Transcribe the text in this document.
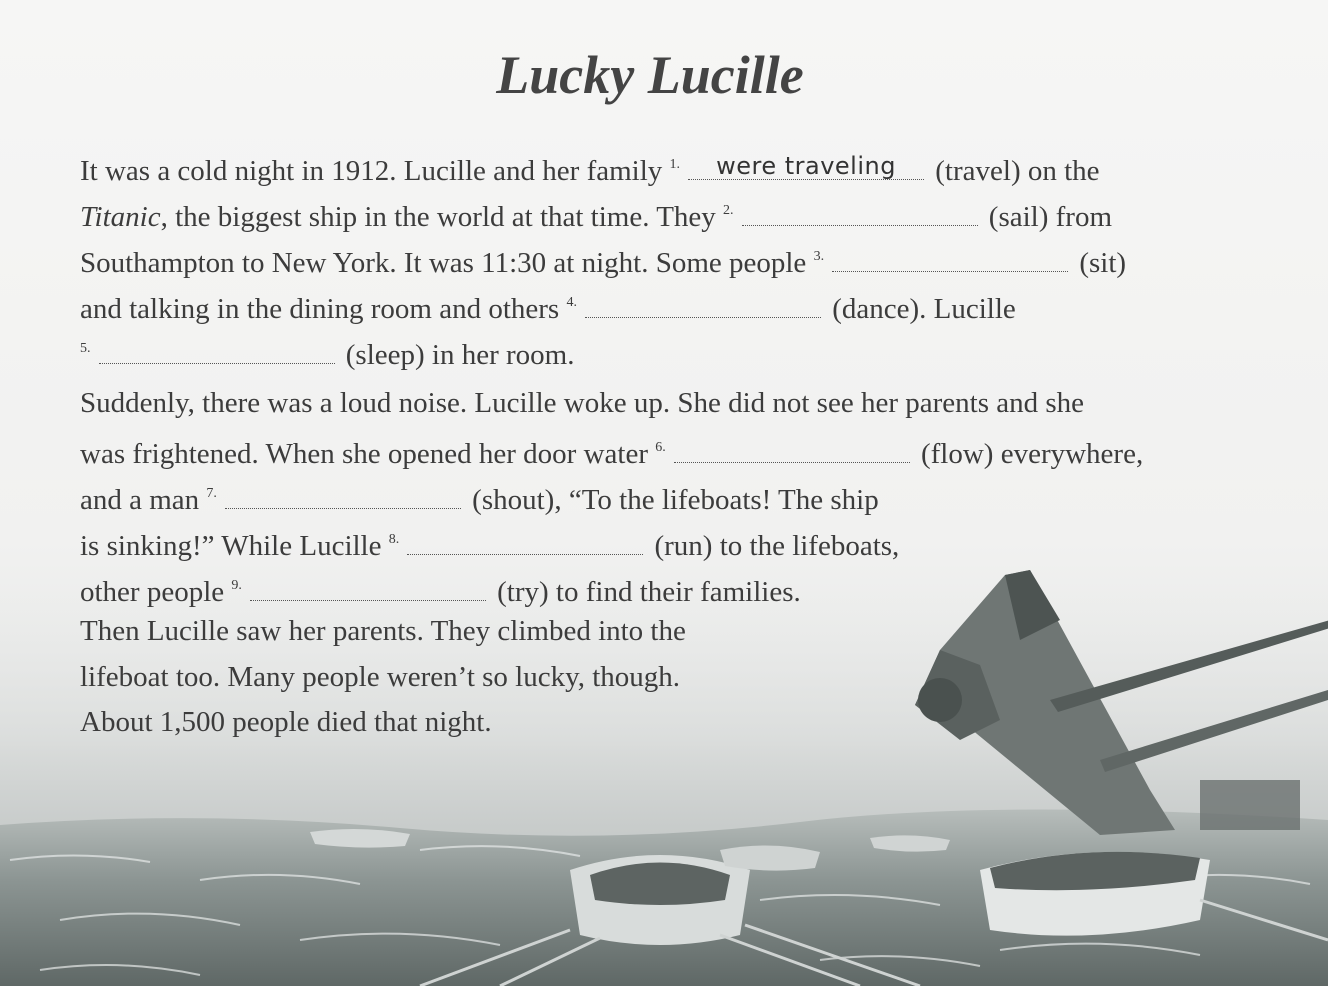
Lucky Lucille
It was a cold night in 1912. Lucille and her family $^{1.}$	were traveling	(travel) on the
Titanic, the biggest ship in the world at that time. They $^{2.}$	(sail) from
Southampton to New York. It was 11:30 at night. Some people $^{3.}$	(sit)
and talking in the dining room and others $^{4.}$	(dance). Lucille
$^{5.}$	(sleep) in her room.
Suddenly, there was a loud noise. Lucille woke up. She did not see her parents and she
was frightened. When she opened her door water $^{6.}$	(flow) everywhere,
and a man $^{7.}$	(shout), “To the lifeboats! The ship
is sinking!” While Lucille $^{8.}$	(run) to the lifeboats,
other people $^{9.}$	(try) to find their families.
Then Lucille saw her parents. They climbed into the
lifeboat too. Many people weren’t so lucky, though.
About 1,500 people died that night.
